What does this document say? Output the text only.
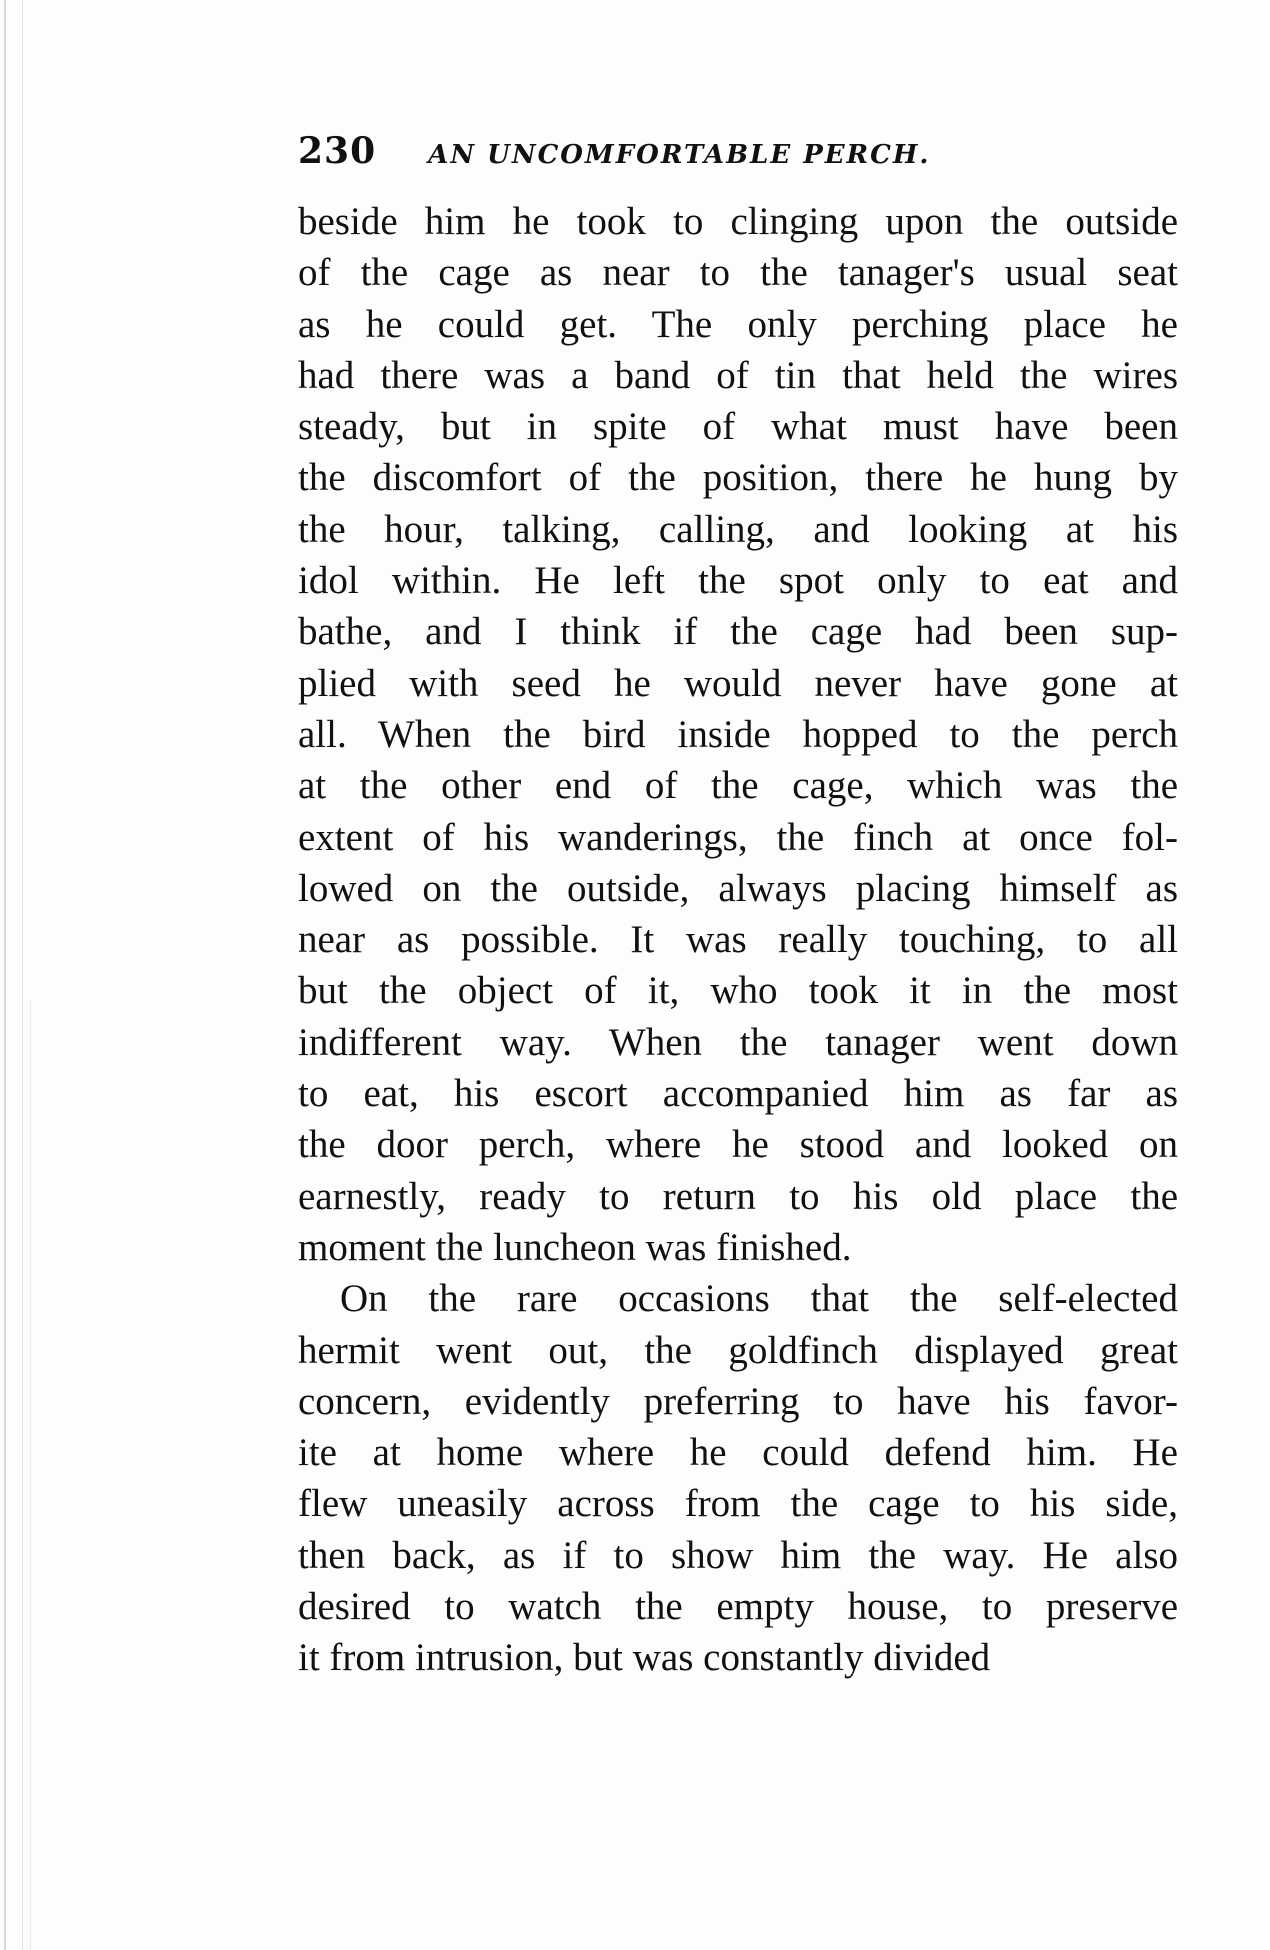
230 AN UNCOMFORTABLE PERCH.
beside him he took to clinging upon the outside
of the cage as near to the tanager's usual seat
as he could get. The only perching place he
had there was a band of tin that held the wires
steady, but in spite of what must have been
the discomfort of the position, there he hung by
the hour, talking, calling, and looking at his
idol within. He left the spot only to eat and
bathe, and I think if the cage had been sup-
plied with seed he would never have gone at
all. When the bird inside hopped to the perch
at the other end of the cage, which was the
extent of his wanderings, the finch at once fol-
lowed on the outside, always placing himself as
near as possible. It was really touching, to all
but the object of it, who took it in the most
indifferent way. When the tanager went down
to eat, his escort accompanied him as far as
the door perch, where he stood and looked on
earnestly, ready to return to his old place the
moment the luncheon was finished.
On the rare occasions that the self-elected
hermit went out, the goldfinch displayed great
concern, evidently preferring to have his favor-
ite at home where he could defend him. He
flew uneasily across from the cage to his side,
then back, as if to show him the way. He also
desired to watch the empty house, to preserve
it from intrusion, but was constantly divided
